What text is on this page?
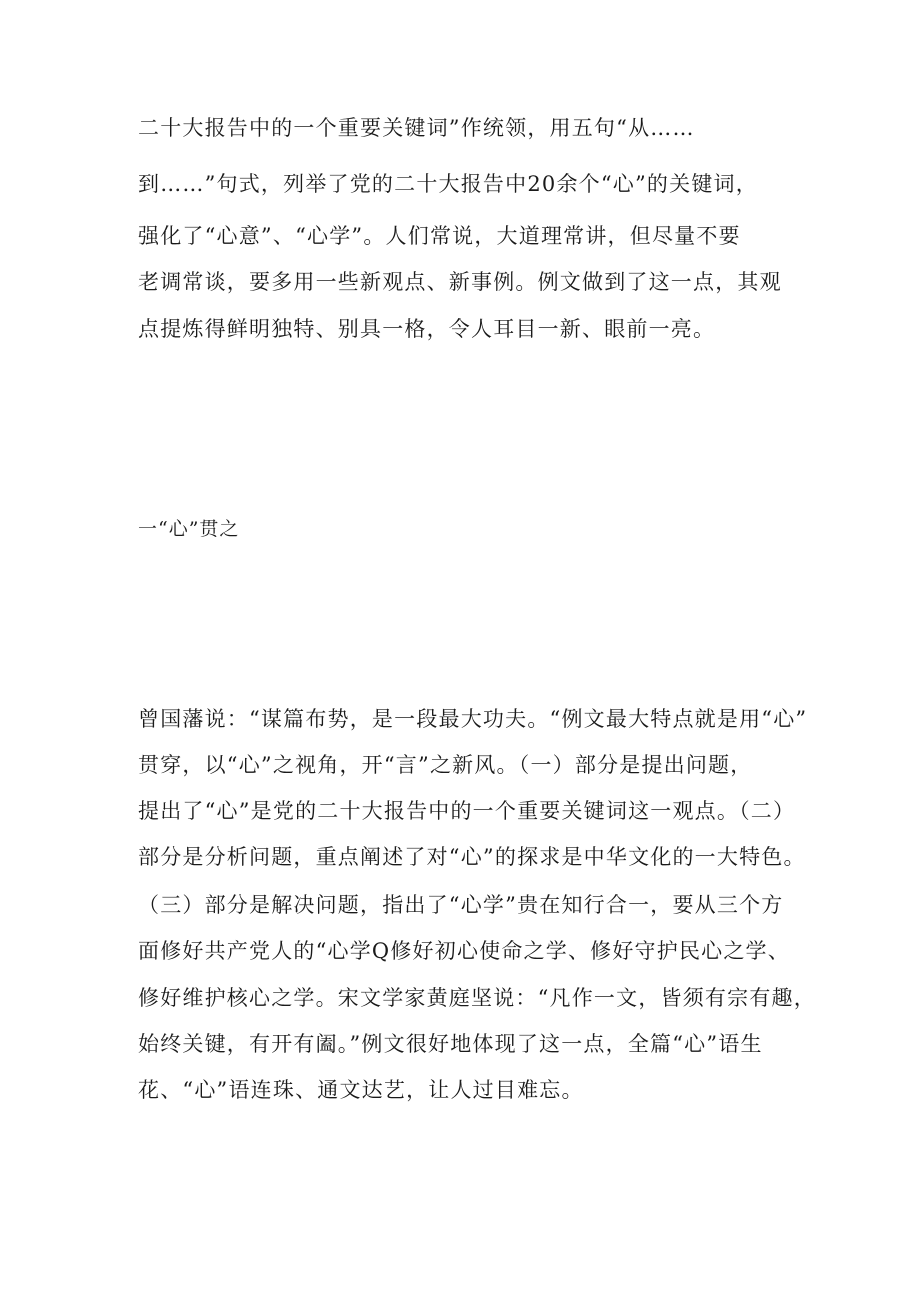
二十大报告中的一个重要关键词”作统领，用五句“从……
到……”句式，列举了党的二十大报告中20余个“心”的关键词，
强化了“心意”、“心学”。人们常说，大道理常讲，但尽量不要
老调常谈，要多用一些新观点、新事例。例文做到了这一点，其观
点提炼得鲜明独特、别具一格，令人耳目一新、眼前一亮。
一“心”贯之
曾国藩说：“谋篇布势，是一段最大功夫。“例文最大特点就是用“心”
贯穿，以“心”之视角，开“言”之新风。（一）部分是提出问题，
提出了“心”是党的二十大报告中的一个重要关键词这一观点。（二）
部分是分析问题，重点阐述了对“心”的探求是中华文化的一大特色。
（三）部分是解决问题，指出了“心学”贵在知行合一，要从三个方
面修好共产党人的“心学Q修好初心使命之学、修好守护民心之学、
修好维护核心之学。宋文学家黄庭坚说：“凡作一文，皆须有宗有趣，
始终关键，有开有阖。”例文很好地体现了这一点，全篇“心”语生
花、“心”语连珠、通文达艺，让人过目难忘。
